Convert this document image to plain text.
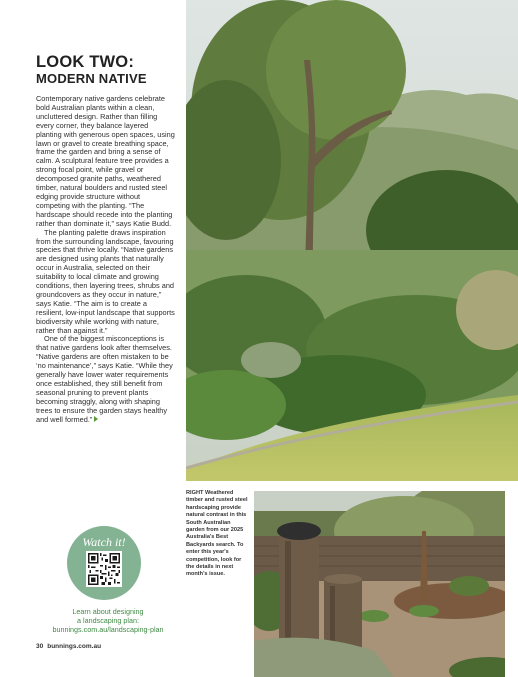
LOOK TWO:
MODERN NATIVE

Contemporary native gardens celebrate bold Australian plants within a clean, uncluttered design. Rather than filling every corner, they balance layered planting with generous open spaces, using lawn or gravel to create breathing space, frame the garden and bring a sense of calm. A sculptural feature tree provides a strong focal point, while gravel or decomposed granite paths, weathered timber, natural boulders and rusted steel edging provide structure without competing with the planting. “The hardscape should recede into the planting rather than dominate it,” says Katie Budd.

The planting palette draws inspiration from the surrounding landscape, favouring species that thrive locally. “Native gardens are designed using plants that naturally occur in Australia, selected on their suitability to local climate and growing conditions, then layering trees, shrubs and groundcovers as they occur in nature,” says Katie. “The aim is to create a resilient, low-input landscape that supports biodiversity while working with nature, rather than against it.”

One of the biggest misconceptions is that native gardens look after themselves. “Native gardens are often mistaken to be ‘no maintenance’,” says Katie. “While they generally have lower water requirements once established, they still benefit from seasonal pruning to prevent plants becoming straggly, along with shaping trees to ensure the garden stays healthy and well formed.”

Watch it!
Learn about designing
a landscaping plan:
bunnings.com.au/landscaping-plan
30 bunnings.com.au
RIGHT Weathered timber and rusted steel hardscaping provide natural contrast in this South Australian garden from our 2025 Australia's Best Backyards search. To enter this year's competition, look for the details in next month's issue.
